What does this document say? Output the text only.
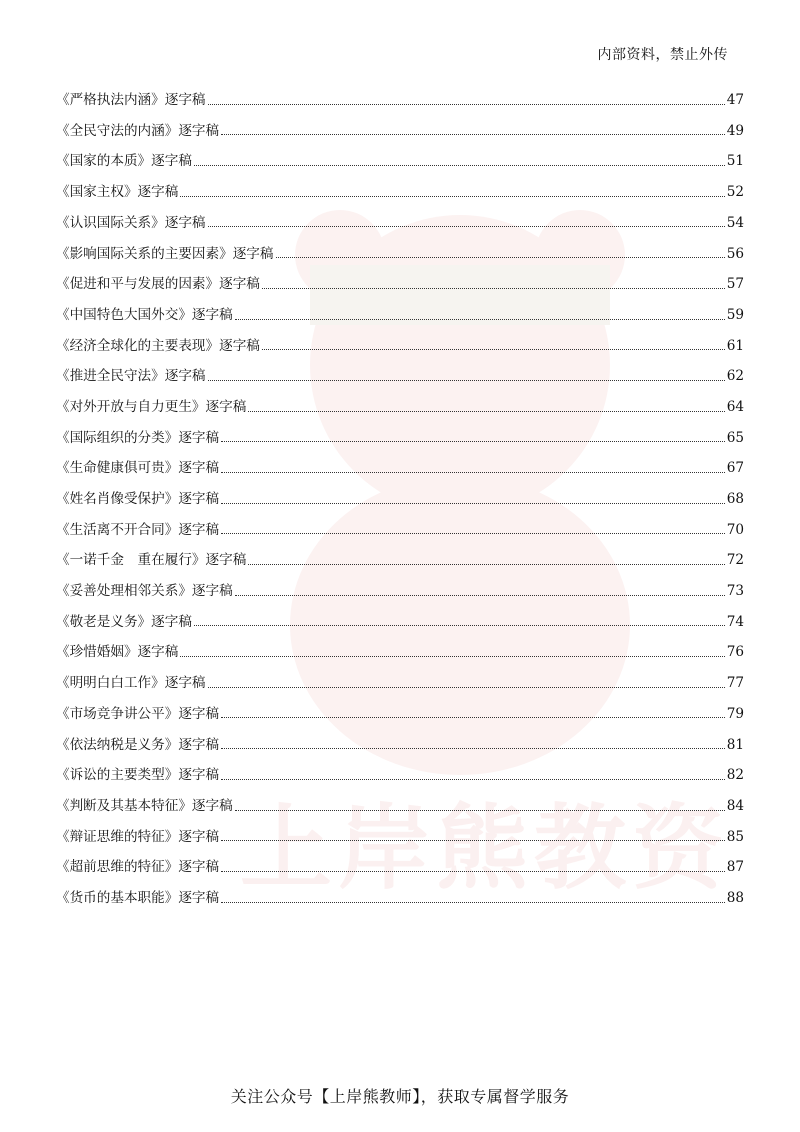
内部资料，禁止外传
上岸熊教资
《严格执法内涵》逐字稿	47
《全民守法的内涵》逐字稿	49
《国家的本质》逐字稿	51
《国家主权》逐字稿	52
《认识国际关系》逐字稿	54
《影响国际关系的主要因素》逐字稿	56
《促进和平与发展的因素》逐字稿	57
《中国特色大国外交》逐字稿	59
《经济全球化的主要表现》逐字稿	61
《推进全民守法》逐字稿	62
《对外开放与自力更生》逐字稿	64
《国际组织的分类》逐字稿	65
《生命健康俱可贵》逐字稿	67
《姓名肖像受保护》逐字稿	68
《生活离不开合同》逐字稿	70
《一诺千金　重在履行》逐字稿	72
《妥善处理相邻关系》逐字稿	73
《敬老是义务》逐字稿	74
《珍惜婚姻》逐字稿	76
《明明白白工作》逐字稿	77
《市场竞争讲公平》逐字稿	79
《依法纳税是义务》逐字稿	81
《诉讼的主要类型》逐字稿	82
《判断及其基本特征》逐字稿	84
《辩证思维的特征》逐字稿	85
《超前思维的特征》逐字稿	87
《货币的基本职能》逐字稿	88
关注公众号【上岸熊教师】，获取专属督学服务
